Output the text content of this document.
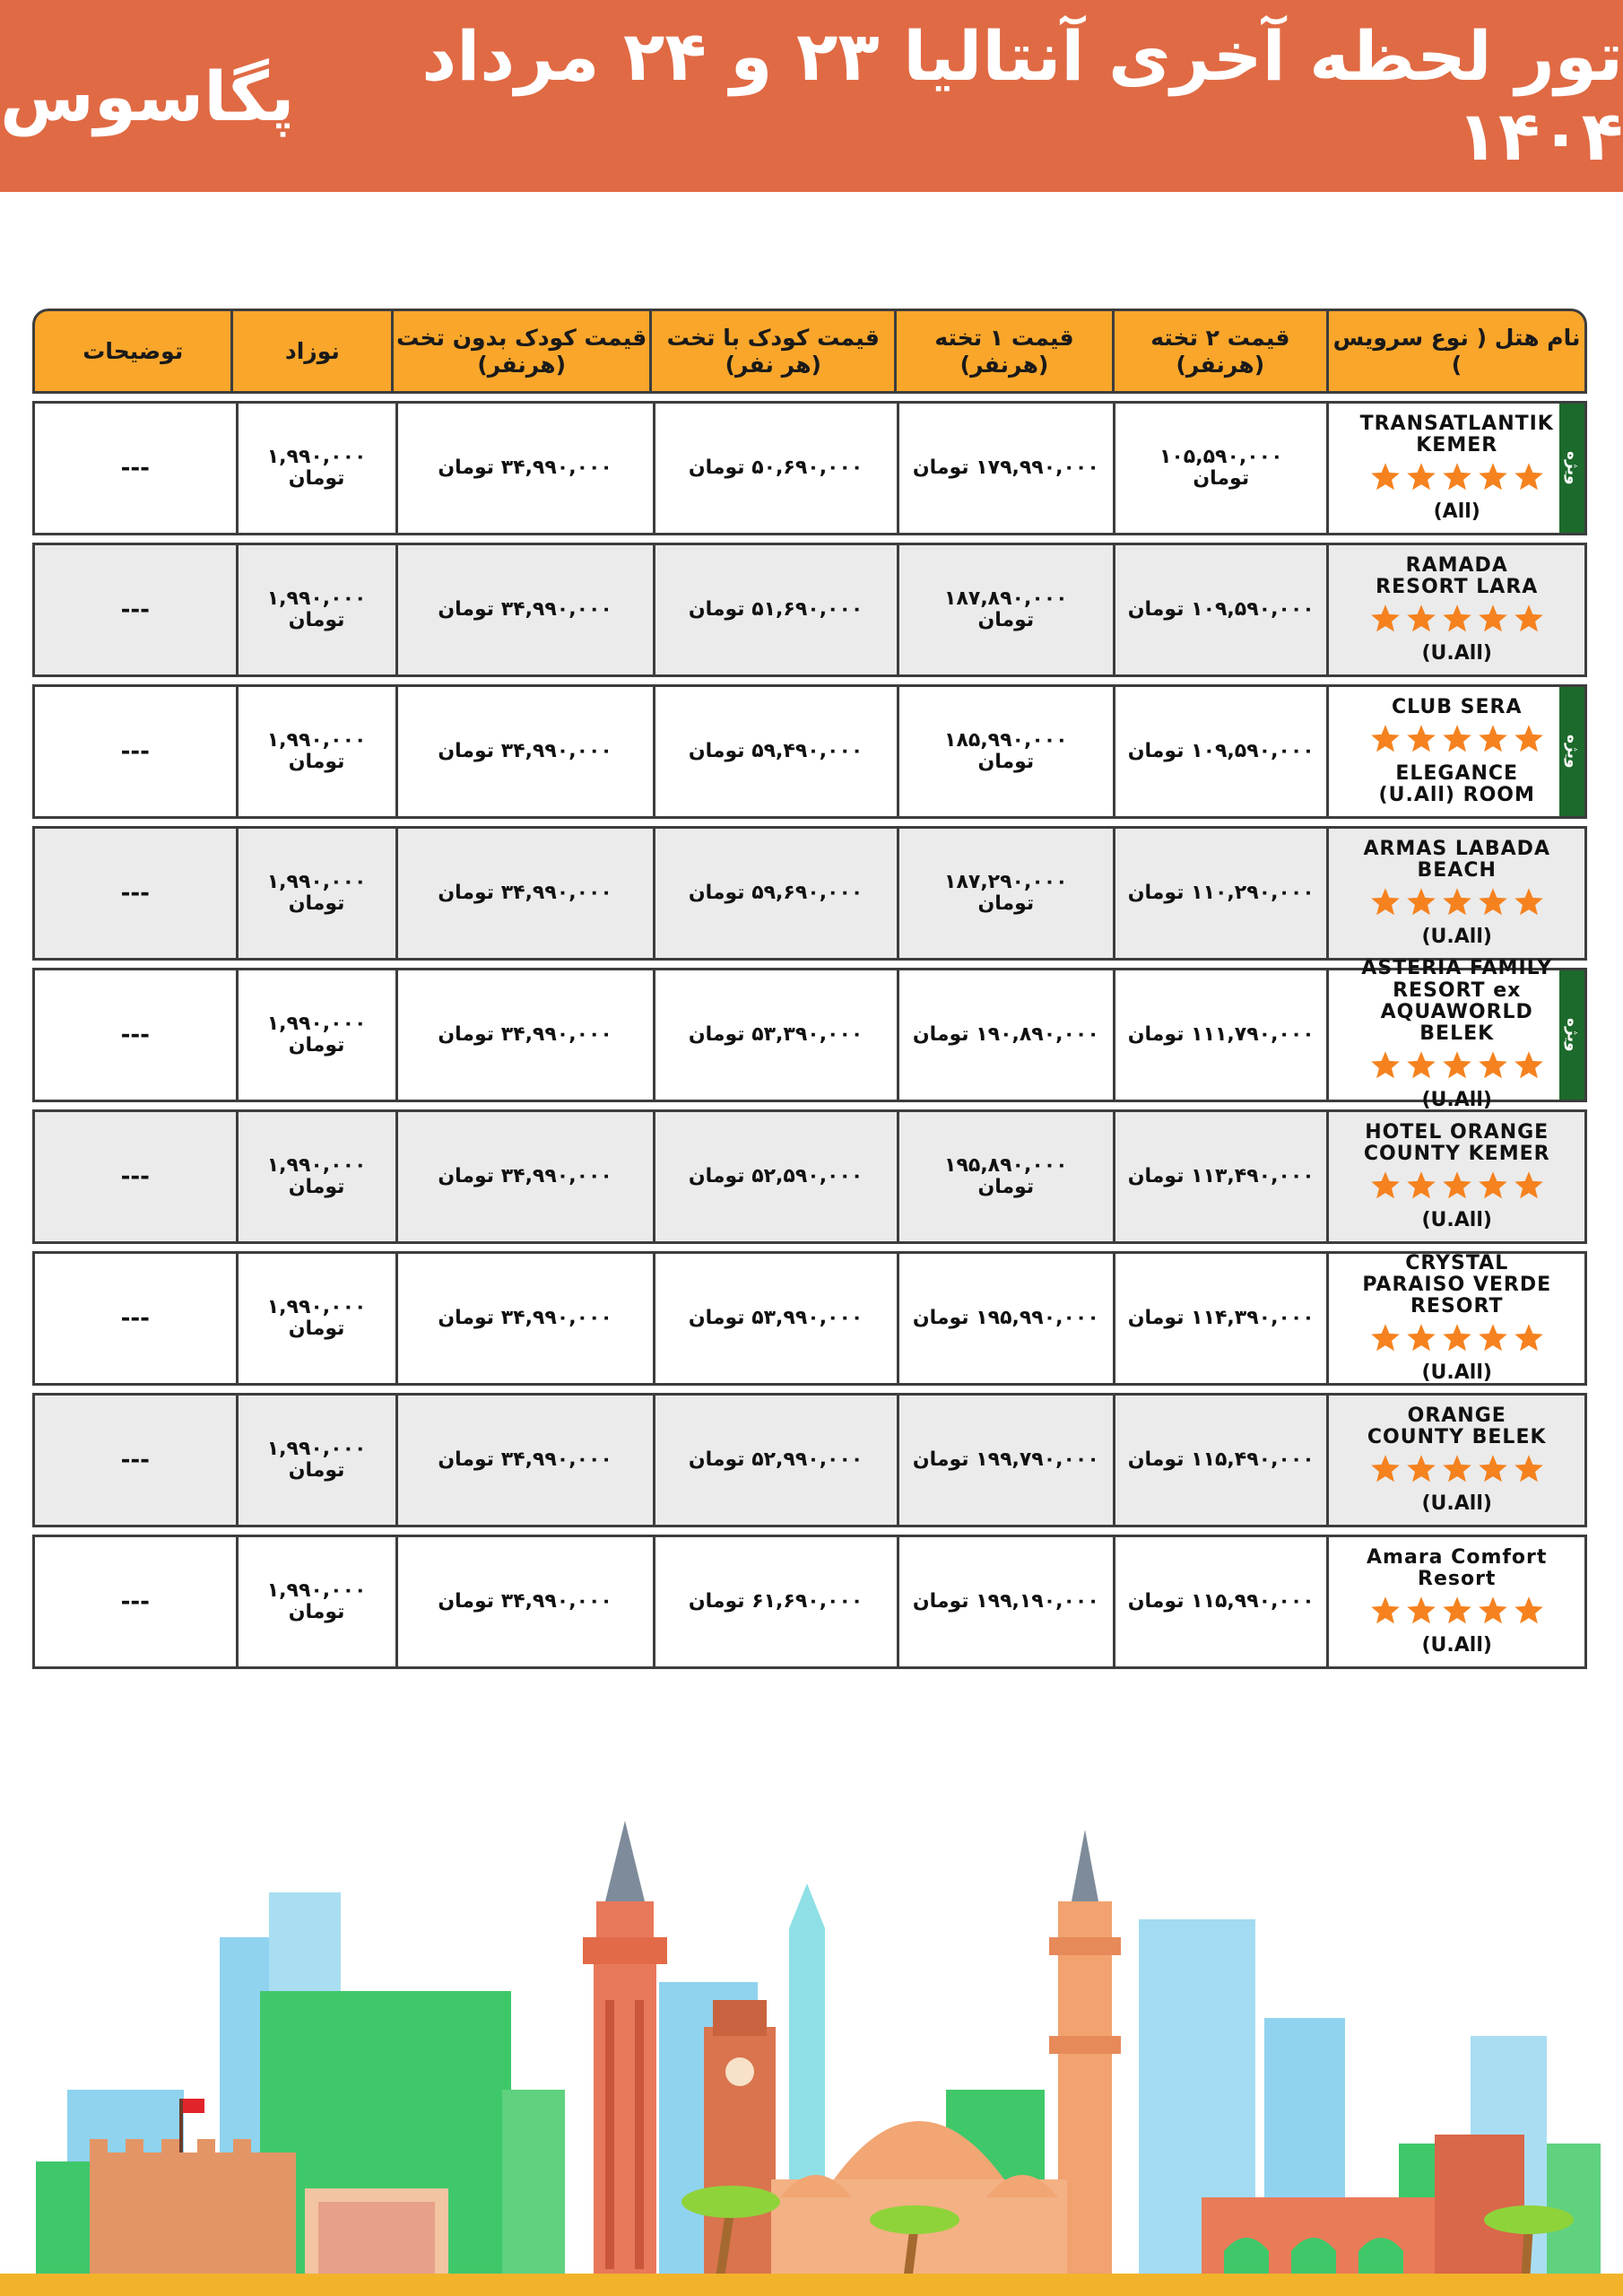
تور لحظه آخری آنتالیا ۲۳ و ۲۴ مرداد ۱۴۰۴
پگاسوس
نام هتل ( نوع سرویس )
قیمت ۲ تخته (هرنفر)
قیمت ۱ تخته (هرنفر)
قیمت کودک با تخت (هر نفر)
قیمت کودک بدون تخت (هرنفر)
نوزاد
توضیحات
TRANSATLANTIK KEMER
(All)
ویژه
۱۰۵,۵۹۰,۰۰۰
تومان
۱۷۹,۹۹۰,۰۰۰ تومان
۵۰,۶۹۰,۰۰۰ تومان
۳۴,۹۹۰,۰۰۰ تومان
۱,۹۹۰,۰۰۰
تومان
---
RAMADA RESORT LARA
(U.All)
۱۰۹,۵۹۰,۰۰۰ تومان
۱۸۷,۸۹۰,۰۰۰
تومان
۵۱,۶۹۰,۰۰۰ تومان
۳۴,۹۹۰,۰۰۰ تومان
۱,۹۹۰,۰۰۰
تومان
---
CLUB SERA
ELEGANCE (U.All) ROOM
ویژه
۱۰۹,۵۹۰,۰۰۰ تومان
۱۸۵,۹۹۰,۰۰۰
تومان
۵۹,۴۹۰,۰۰۰ تومان
۳۴,۹۹۰,۰۰۰ تومان
۱,۹۹۰,۰۰۰
تومان
---
ARMAS LABADA BEACH
(U.All)
۱۱۰,۲۹۰,۰۰۰ تومان
۱۸۷,۲۹۰,۰۰۰
تومان
۵۹,۶۹۰,۰۰۰ تومان
۳۴,۹۹۰,۰۰۰ تومان
۱,۹۹۰,۰۰۰
تومان
---
ASTERIA FAMILY RESORT ex AQUAWORLD BELEK
(U.All)
ویژه
۱۱۱,۷۹۰,۰۰۰ تومان
۱۹۰,۸۹۰,۰۰۰ تومان
۵۳,۳۹۰,۰۰۰ تومان
۳۴,۹۹۰,۰۰۰ تومان
۱,۹۹۰,۰۰۰
تومان
---
HOTEL ORANGE COUNTY KEMER
(U.All)
۱۱۳,۴۹۰,۰۰۰ تومان
۱۹۵,۸۹۰,۰۰۰
تومان
۵۲,۵۹۰,۰۰۰ تومان
۳۴,۹۹۰,۰۰۰ تومان
۱,۹۹۰,۰۰۰
تومان
---
CRYSTAL PARAISO VERDE RESORT
(U.All)
۱۱۴,۳۹۰,۰۰۰ تومان
۱۹۵,۹۹۰,۰۰۰ تومان
۵۳,۹۹۰,۰۰۰ تومان
۳۴,۹۹۰,۰۰۰ تومان
۱,۹۹۰,۰۰۰
تومان
---
ORANGE COUNTY BELEK
(U.All)
۱۱۵,۴۹۰,۰۰۰ تومان
۱۹۹,۷۹۰,۰۰۰ تومان
۵۲,۹۹۰,۰۰۰ تومان
۳۴,۹۹۰,۰۰۰ تومان
۱,۹۹۰,۰۰۰
تومان
---
Amara Comfort Resort
(U.All)
۱۱۵,۹۹۰,۰۰۰ تومان
۱۹۹,۱۹۰,۰۰۰ تومان
۶۱,۶۹۰,۰۰۰ تومان
۳۴,۹۹۰,۰۰۰ تومان
۱,۹۹۰,۰۰۰
تومان
---
